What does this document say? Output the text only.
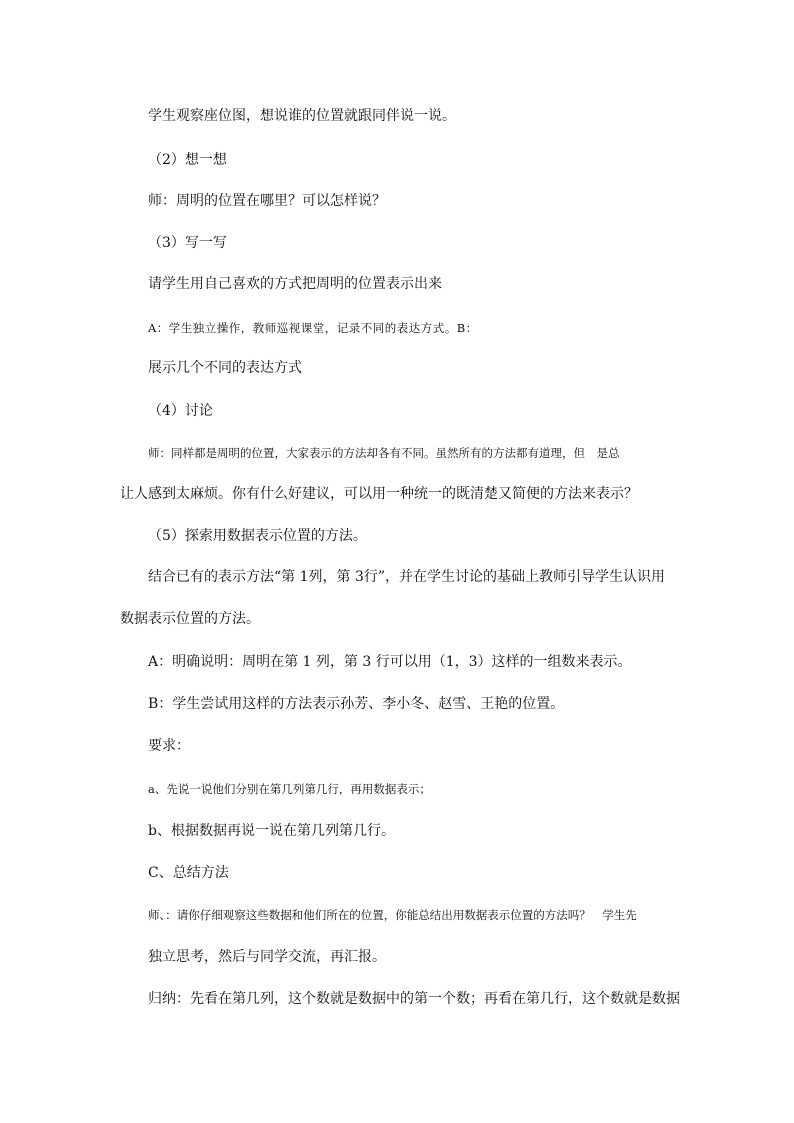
学生观察座位图，想说谁的位置就跟同伴说一说。

（2）想一想

师：周明的位置在哪里？可以怎样说？

（3）写一写

请学生用自己喜欢的方式把周明的位置表示出来

A：学生独立操作，教师巡视课堂，记录不同的表达方式。B：

展示几个不同的表达方式

（4）讨论

师：同样都是周明的位置，大家表示的方法却各有不同。虽然所有的方法都有道理，但　是总

让人感到太麻烦。你有什么好建议，可以用一种统一的既清楚又简便的方法来表示？

（5）探索用数据表示位置的方法。

结合已有的表示方法“第 1列，第 3行”，并在学生讨论的基础上教师引导学生认识用

数据表示位置的方法。

A：明确说明：周明在第 1 列，第 3 行可以用（1，3）这样的一组数来表示。

B：学生尝试用这样的方法表示孙芳、李小冬、赵雪、王艳的位置。

要求：

a、先说一说他们分别在第几列第几行，再用数据表示；

b、根据数据再说一说在第几列第几行。

C、总结方法

师、：请你仔细观察这些数据和他们所在的位置，你能总结出用数据表示位置的方法吗？　学生先

独立思考，然后与同学交流，再汇报。

归纳：先看在第几列，这个数就是数据中的第一个数；再看在第几行，这个数就是数据
